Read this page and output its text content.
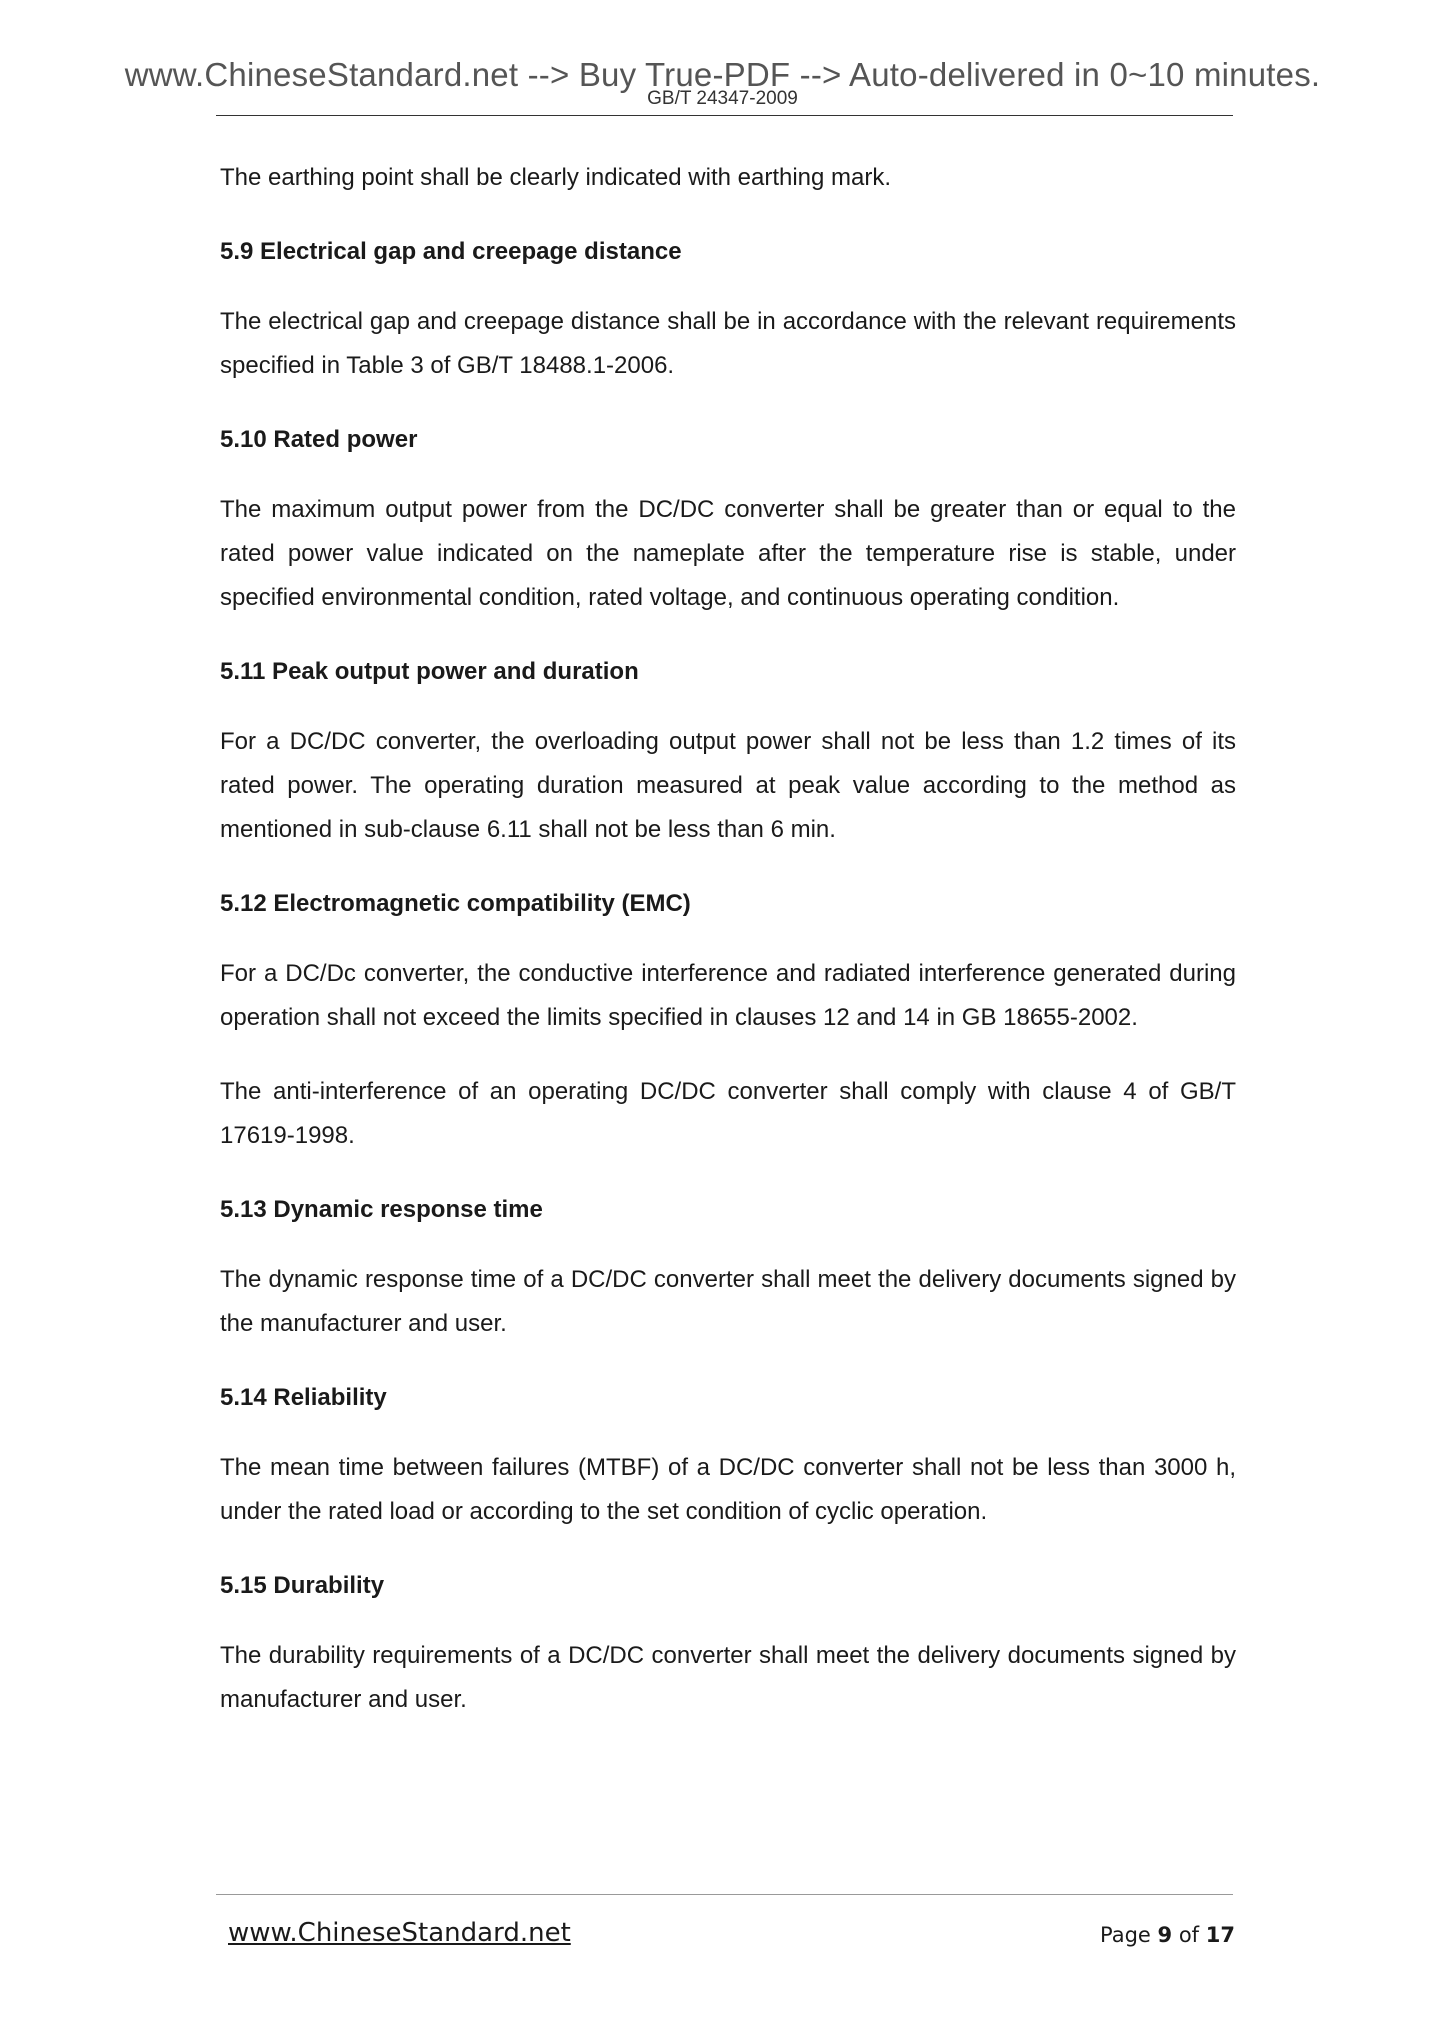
www.ChineseStandard.net --> Buy True-PDF --> Auto-delivered in 0~10 minutes.
GB/T 24347-2009

The earthing point shall be clearly indicated with earthing mark.

5.9 Electrical gap and creepage distance

The electrical gap and creepage distance shall be in accordance with the relevant requirements specified in Table 3 of GB/T 18488.1-2006.

5.10 Rated power

The maximum output power from the DC/DC converter shall be greater than or equal to the rated power value indicated on the nameplate after the temperature rise is stable, under specified environmental condition, rated voltage, and continuous operating condition.

5.11 Peak output power and duration

For a DC/DC converter, the overloading output power shall not be less than 1.2 times of its rated power. The operating duration measured at peak value according to the method as mentioned in sub-clause 6.11 shall not be less than 6 min.

5.12 Electromagnetic compatibility (EMC)

For a DC/Dc converter, the conductive interference and radiated interference generated during operation shall not exceed the limits specified in clauses 12 and 14 in GB 18655-2002.

The anti-interference of an operating DC/DC converter shall comply with clause 4 of GB/T 17619-1998.

5.13 Dynamic response time

The dynamic response time of a DC/DC converter shall meet the delivery documents signed by the manufacturer and user.

5.14 Reliability

The mean time between failures (MTBF) of a DC/DC converter shall not be less than 3000 h, under the rated load or according to the set condition of cyclic operation.

5.15 Durability

The durability requirements of a DC/DC converter shall meet the delivery documents signed by manufacturer and user.

www.ChineseStandard.net	Page 9 of 17
